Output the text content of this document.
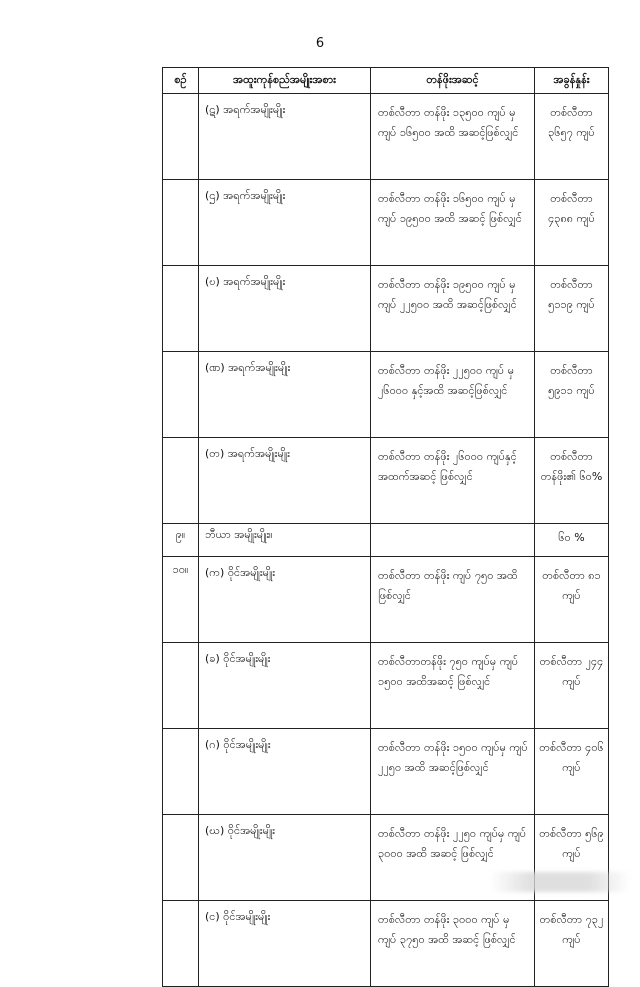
6
စဉ်	အထူးကုန်စည်အမျိုးအစား	တန်ဖိုးအဆင့်	အခွန်နှုန်း
	(ဋ) အရက်အမျိုးမျိုး	တစ်လီတာ တန်ဖိုး ၁၃၅၀၀ ကျပ် မှ ကျပ် ၁၆၅၀၀ အထိ အဆင့်ဖြစ်လျှင်	တစ်လီတာ ၃၆၅၇ ကျပ်
	(ဌ) အရက်အမျိုးမျိုး	တစ်လီတာ တန်ဖိုး ၁၆၅၀၀ ကျပ် မှ ကျပ် ၁၉၅၀၀ အထိ အဆင့် ဖြစ်လျှင်	တစ်လီတာ ၄၃၈၈ ကျပ်
	(ဎ) အရက်အမျိုးမျိုး	တစ်လီတာ တန်ဖိုး ၁၉၅၀၀ ကျပ် မှ ကျပ် ၂၂၅၀၀ အထိ အဆင့်ဖြစ်လျှင်	တစ်လီတာ ၅၁၁၉ ကျပ်
	(ဏ) အရက်အမျိုးမျိုး	တစ်လီတာ တန်ဖိုး ၂၂၅၀၀ ကျပ် မှ ၂၆၀၀၀ နှင့်အထိ အဆင့်ဖြစ်လျှင်	တစ်လီတာ ၅၉၁၁ ကျပ်
	(တ) အရက်အမျိုးမျိုး	တစ်လီတာ တန်ဖိုး ၂၆၀၀၀ ကျပ်နှင့် အထက်အဆင့် ဖြစ်လျှင်	တစ်လီတာ တန်ဖိုး၏ ၆၀%
၉။	ဘီယာ အမျိုးမျိုး။		၆၀ %
၁၀။	(က) ဝိုင်အမျိုးမျိုး	တစ်လီတာ တန်ဖိုး ကျပ် ၇၅၀ အထိ ဖြစ်လျှင်	တစ်လီတာ ၈၁ ကျပ်
	(ခ) ဝိုင်အမျိုးမျိုး	တစ်လီတာတန်ဖိုး ၇၅၀ ကျပ်မှ ကျပ် ၁၅၀၀ အထိအဆင့် ဖြစ်လျှင်	တစ်လီတာ ၂၄၄ ကျပ်
	(ဂ) ဝိုင်အမျိုးမျိုး	တစ်လီတာ တန်ဖိုး ၁၅၀၀ ကျပ်မှ ကျပ် ၂၂၅၀ အထိ အဆင့်ဖြစ်လျှင်	တစ်လီတာ ၄၀၆ ကျပ်
	(ဃ) ဝိုင်အမျိုးမျိုး	တစ်လီတာ တန်ဖိုး ၂၂၅၀ ကျပ်မှ ကျပ် ၃၀၀၀ အထိ အဆင့် ဖြစ်လျှင်	တစ်လီတာ ၅၆၉ ကျပ်
	(င) ဝိုင်အမျိုးမျိုး	တစ်လီတာ တန်ဖိုး ၃၀၀၀ ကျပ် မှ ကျပ် ၃၇၅၀ အထိ အဆင့် ဖြစ်လျှင်	တစ်လီတာ ၇၃၂ ကျပ်
